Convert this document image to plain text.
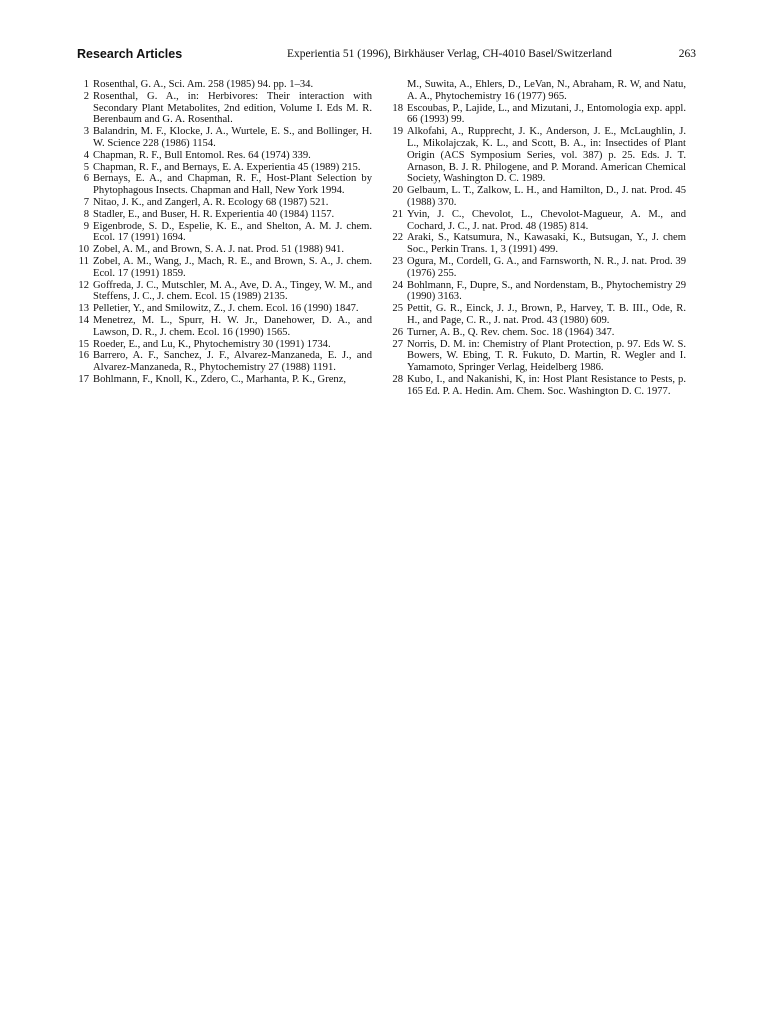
Research Articles	Experientia 51 (1996), Birkhäuser Verlag, CH-4010 Basel/Switzerland	263
1 Rosenthal, G. A., Sci. Am. 258 (1985) 94. pp. 1–34.
2 Rosenthal, G. A., in: Herbivores: Their interaction with Secondary Plant Metabolites, 2nd edition, Volume I. Eds M. R. Berenbaum and G. A. Rosenthal.
3 Balandrin, M. F., Klocke, J. A., Wurtele, E. S., and Bollinger, H. W. Science 228 (1986) 1154.
4 Chapman, R. F., Bull Entomol. Res. 64 (1974) 339.
5 Chapman, R. F., and Bernays, E. A. Experientia 45 (1989) 215.
6 Bernays, E. A., and Chapman, R. F., Host-Plant Selection by Phytophagous Insects. Chapman and Hall, New York 1994.
7 Nitao, J. K., and Zangerl, A. R. Ecology 68 (1987) 521.
8 Stadler, E., and Buser, H. R. Experientia 40 (1984) 1157.
9 Eigenbrode, S. D., Espelie, K. E., and Shelton, A. M. J. chem. Ecol. 17 (1991) 1694.
10 Zobel, A. M., and Brown, S. A. J. nat. Prod. 51 (1988) 941.
11 Zobel, A. M., Wang, J., Mach, R. E., and Brown, S. A., J. chem. Ecol. 17 (1991) 1859.
12 Goffreda, J. C., Mutschler, M. A., Ave, D. A., Tingey, W. M., and Steffens, J. C., J. chem. Ecol. 15 (1989) 2135.
13 Pelletier, Y., and Smilowitz, Z., J. chem. Ecol. 16 (1990) 1847.
14 Menetrez, M. L., Spurr, H. W. Jr., Danehower, D. A., and Lawson, D. R., J. chem. Ecol. 16 (1990) 1565.
15 Roeder, E., and Lu, K., Phytochemistry 30 (1991) 1734.
16 Barrero, A. F., Sanchez, J. F., Alvarez-Manzaneda, E. J., and Alvarez-Manzaneda, R., Phytochemistry 27 (1988) 1191.
17 Bohlmann, F., Knoll, K., Zdero, C., Marhanta, P. K., Grenz,
M., Suwita, A., Ehlers, D., LeVan, N., Abraham, R. W, and Natu, A. A., Phytochemistry 16 (1977) 965.
18 Escoubas, P., Lajide, L., and Mizutani, J., Entomologia exp. appl. 66 (1993) 99.
19 Alkofahi, A., Rupprecht, J. K., Anderson, J. E., McLaughlin, J. L., Mikolajczak, K. L., and Scott, B. A., in: Insectides of Plant Origin (ACS Symposium Series, vol. 387) p. 25. Eds. J. T. Arnason, B. J. R. Philogene, and P. Morand. American Chemical Society, Washington D. C. 1989.
20 Gelbaum, L. T., Zalkow, L. H., and Hamilton, D., J. nat. Prod. 45 (1988) 370.
21 Yvin, J. C., Chevolot, L., Chevolot-Magueur, A. M., and Cochard, J. C., J. nat. Prod. 48 (1985) 814.
22 Araki, S., Katsumura, N., Kawasaki, K., Butsugan, Y., J. chem Soc., Perkin Trans. 1, 3 (1991) 499.
23 Ogura, M., Cordell, G. A., and Farnsworth, N. R., J. nat. Prod. 39 (1976) 255.
24 Bohlmann, F., Dupre, S., and Nordenstam, B., Phytochemistry 29 (1990) 3163.
25 Pettit, G. R., Einck, J. J., Brown, P., Harvey, T. B. III., Ode, R. H., and Page, C. R., J. nat. Prod. 43 (1980) 609.
26 Turner, A. B., Q. Rev. chem. Soc. 18 (1964) 347.
27 Norris, D. M. in: Chemistry of Plant Protection, p. 97. Eds W. S. Bowers, W. Ebing, T. R. Fukuto, D. Martin, R. Wegler and I. Yamamoto, Springer Verlag, Heidelberg 1986.
28 Kubo, I., and Nakanishi, K, in: Host Plant Resistance to Pests, p. 165 Ed. P. A. Hedin. Am. Chem. Soc. Washington D. C. 1977.
